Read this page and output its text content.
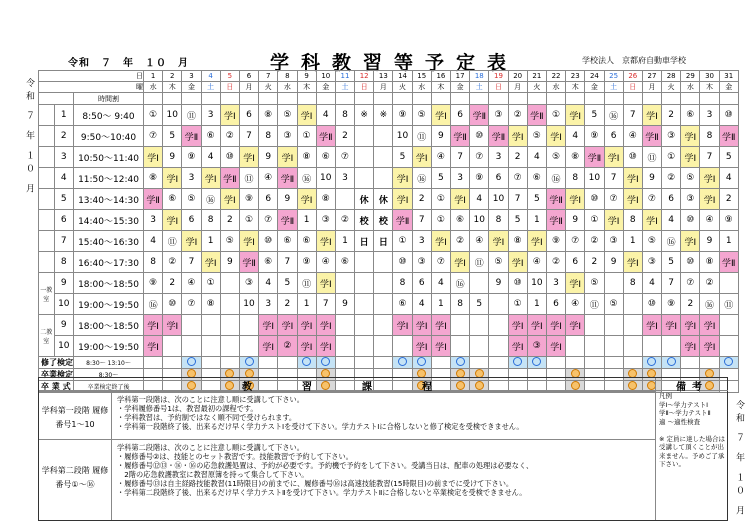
令和　７　年　１０　月	学科教習等予定表	学校法人　京都府自動車学校
令和 ７ 年 １０ 月
令和 ７ 年 １０ 月
日			1	2	3	4	5	6	7	8	9	10	11	12	13	14	15	16	17	18	19	20	21	22	23	24	25	26	27	28	29	30	31
曜			水	木	金	土	日	月	火	水	木	金	土	日	月	火	水	木	金	土	日	月	火	水	木	金	土	日	月	火	水	木	金
		時間割																															
	1	8:50〜 9:40	①	10	⑪	3	学Ⅰ	6	⑧	⑤	学Ⅰ	4	8	※	※	⑨	⑤	学Ⅰ	6	学Ⅱ	③	②	学Ⅱ	①	学Ⅰ	5	⑯	7	学Ⅰ	2	⑥	3	⑩
	2	9:50〜10:40	⑦	5	学Ⅱ	⑥	②	7	8	③	①	学Ⅱ	2			10	⑪	9	学Ⅱ	⑩	学Ⅱ	学Ⅰ	⑤	学Ⅰ	4	⑨	6	④	学Ⅱ	③	学Ⅰ	8	学Ⅱ
	3	10:50〜11:40	学Ⅰ	9	⑨	4	⑩	学Ⅰ	9	学Ⅰ	⑧	⑥	⑦			5	学Ⅰ	④	7	⑦	3	2	4	⑤	⑧	学Ⅱ	学Ⅰ	⑩	⑪	①	学Ⅰ	7	5
	4	11:50〜12:40	⑧	学Ⅰ	3	学Ⅰ	学Ⅱ	⑪	④	学Ⅱ	⑯	10	3			学Ⅰ	⑯	5	3	⑨	6	⑦	⑥	⑯	8	10	7	学Ⅰ	9	②	⑤	学Ⅰ	4
	5	13:40〜14:30	学Ⅱ	⑥	⑤	⑯	学Ⅰ	⑨	6	9	学Ⅰ	⑧		休	休	学Ⅰ	2	①	学Ⅰ	4	10	7	5	学Ⅱ	学Ⅰ	⑩	⑦	学Ⅰ	⑦	6	③	学Ⅰ	2
	6	14:40〜15:30	3	学Ⅰ	6	8	2	①	⑦	学Ⅱ	1	③	②	校	校	学Ⅱ	7	①	⑥	10	8	5	1	学Ⅱ	9	①	学Ⅰ	8	学Ⅰ	4	⑩	④	⑨
	7	15:40〜16:30	4	⑪	学Ⅰ	1	⑤	学Ⅰ	⑩	⑥	⑥	学Ⅰ	1	日	日	①	3	学Ⅰ	②	④	学Ⅰ	⑧	学Ⅰ	⑨	⑦	②	③	1	⑤	⑯	学Ⅰ	9	1
	8	16:40〜17:30	8	②	7	学Ⅰ	9	学Ⅱ	⑥	7	⑨	④	⑥			⑩	③	⑦	学Ⅰ	⑪	⑤	学Ⅰ	④	②	6	2	9	学Ⅰ	③	5	⑩	⑧	学Ⅱ
一教室	9	18:00〜18:50	⑨	2	④	①		③	4	5	⑪	学Ⅰ				8	6	4	⑯		9	⑩	10	3	学Ⅰ	⑤		8	4	7	⑦	②	
	10	19:00〜19:50	⑯	⑩	⑦	⑧		10	3	2	1	7	9			⑥	4	1	8	5		①	1	6	④	⑪	⑤		⑩	⑨	2	⑯	⑪
二教室	9	18:00〜18:50	学Ⅰ	学Ⅰ					学Ⅰ	学Ⅰ	学Ⅰ	学Ⅰ				学Ⅰ	学Ⅰ	学Ⅰ				学Ⅰ	学Ⅰ	学Ⅰ	学Ⅰ				学Ⅰ	学Ⅰ	学Ⅰ	学Ⅰ	
	10	19:00〜19:50	学Ⅰ						学Ⅰ	②	学Ⅰ	学Ⅰ					学Ⅰ	学Ⅰ				学Ⅰ	③	学Ⅰ							学Ⅰ	学Ⅰ	
修了検定		8:30〜 13:10〜																															
卒業検定		8:30〜																															
卒 業 式		卒業検定終了後																																教　習　課　程	備考
学科第一段階 履修番号1〜10
学科第一段階は、次のことに注意し順に受講して下さい。
・学科履修番号1は、教習最初の課程です。
・学科教習は、予約制ではなく順不同で受けられます。
・学科第一段階終了後、出来るだけ早く学力テストⅠを受けて下さい。学力テストⅠに合格しないと修了検定を受検できません。
学科第二段階 履修番号①〜⑯
学科第二段階は、次のことに注意し順に受講して下さい。
・履修番号②は、技能とのセット教習です。技能教習で予約して下さい。
・履修番号⑫⑬・⑯・⑯の応急救護処置は、予約が必要です。予約機で予約をして下さい。受講当日は、配車の処理は必要なく、
　2階の応急救護教室に教習原簿を持って集合して下さい。
・履修番号⑬は自主経路技能教習(11時限目)の前までに、履修番号⑯は高速技能教習(15時限目)の前までに受けて下さい。
・学科第二段階終了後、出来るだけ早く学力テストⅡを受けて下さい。学力テストⅡに合格しないと卒業検定を受検できません。
凡例
学Ⅰ〜学力テストⅠ
学Ⅱ〜学力テストⅡ
適 〜適性検査

※ 定員に達した場合は受講して頂くことが出来ません。予めご了承下さい。
